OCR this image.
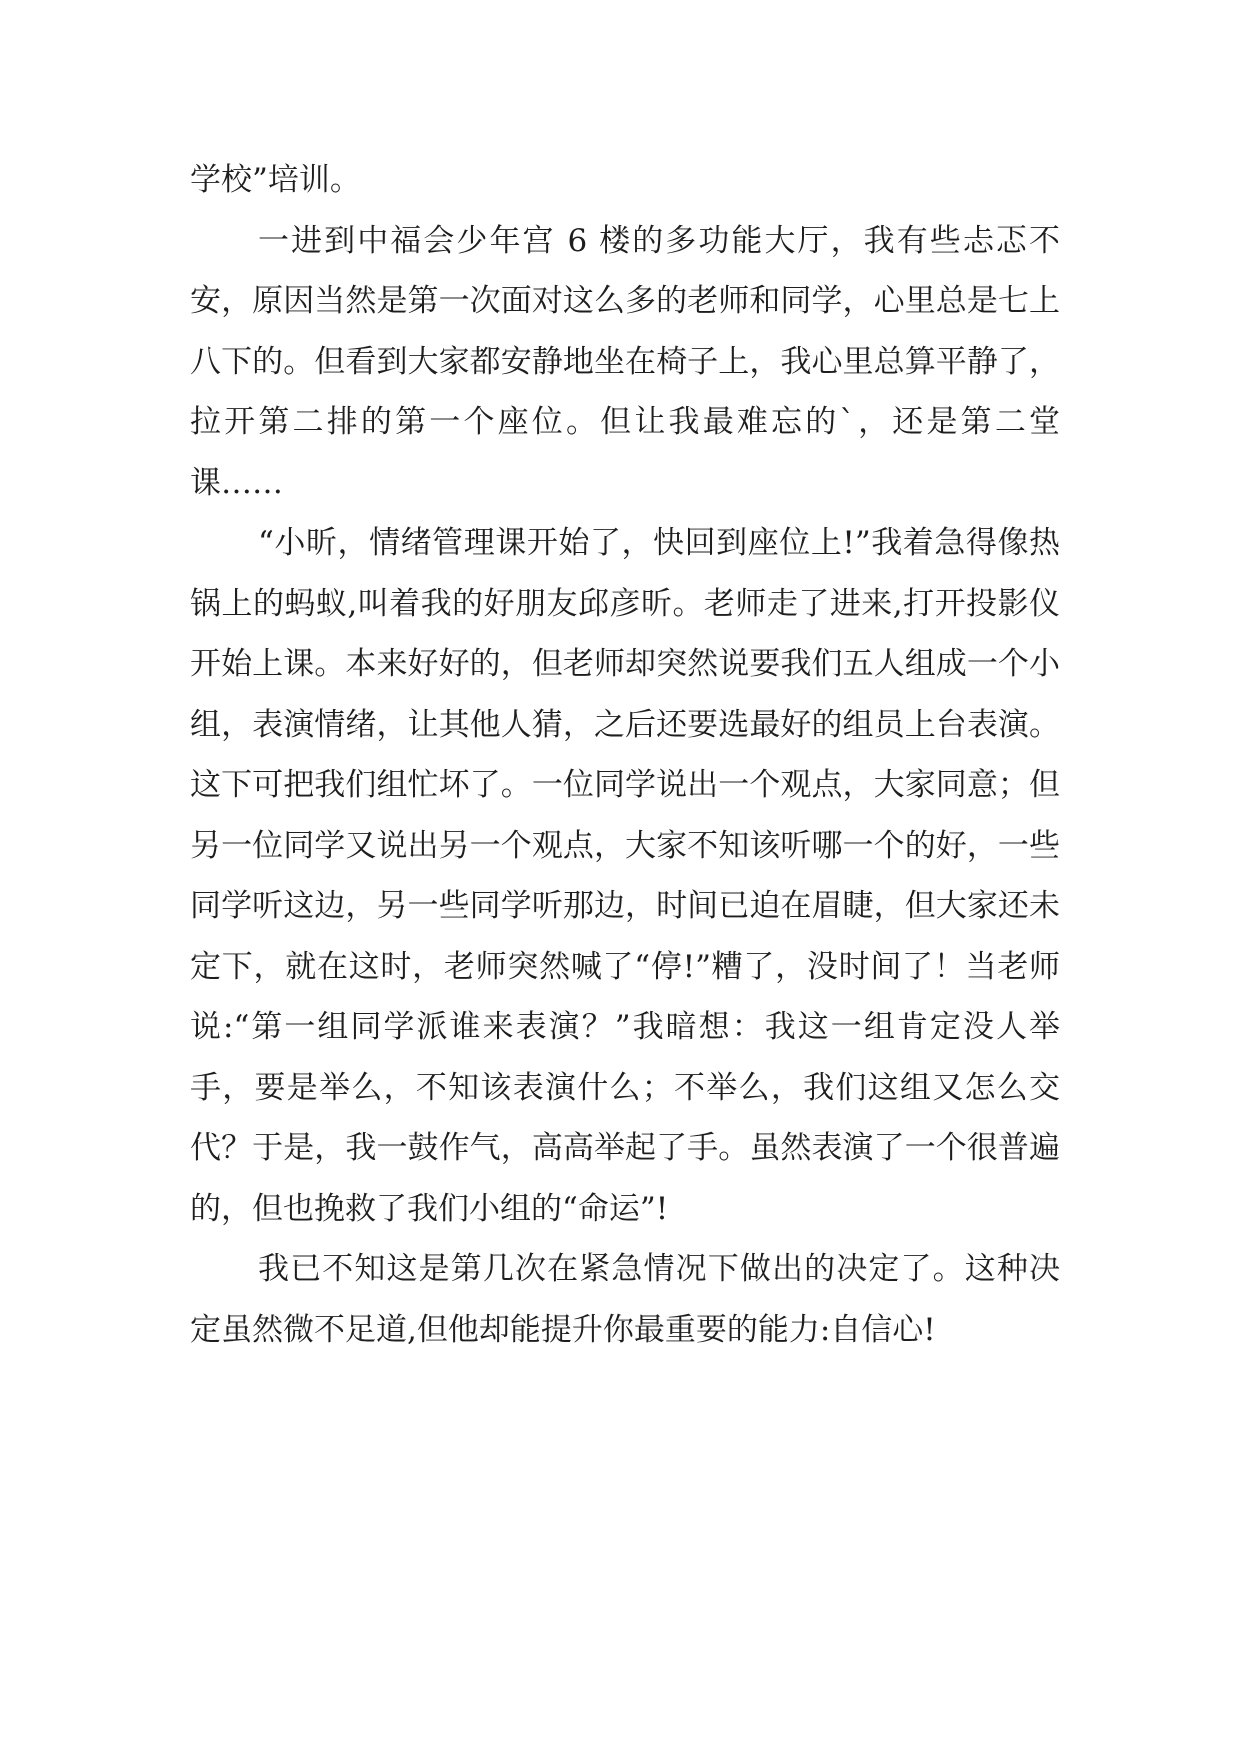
学校”培训。

一进到中福会少年宫 6 楼的多功能大厅，我有些忐忑不安，原因当然是第一次面对这么多的老师和同学，心里总是七上八下的。但看到大家都安静地坐在椅子上，我心里总算平静了，拉开第二排的第一个座位。但让我最难忘的`，还是第二堂课……

“小昕，情绪管理课开始了，快回到座位上!”我着急得像热锅上的蚂蚁,叫着我的好朋友邱彦昕。老师走了进来,打开投影仪开始上课。本来好好的，但老师却突然说要我们五人组成一个小组，表演情绪，让其他人猜，之后还要选最好的组员上台表演。这下可把我们组忙坏了。一位同学说出一个观点，大家同意；但另一位同学又说出另一个观点，大家不知该听哪一个的好，一些同学听这边，另一些同学听那边，时间已迫在眉睫，但大家还未定下，就在这时，老师突然喊了“停!”糟了，没时间了！当老师说:“第一组同学派谁来表演？”我暗想：我这一组肯定没人举手，要是举么，不知该表演什么；不举么，我们这组又怎么交代？于是，我一鼓作气，高高举起了手。虽然表演了一个很普遍的，但也挽救了我们小组的“命运”!

我已不知这是第几次在紧急情况下做出的决定了。这种决定虽然微不足道,但他却能提升你最重要的能力:自信心!
